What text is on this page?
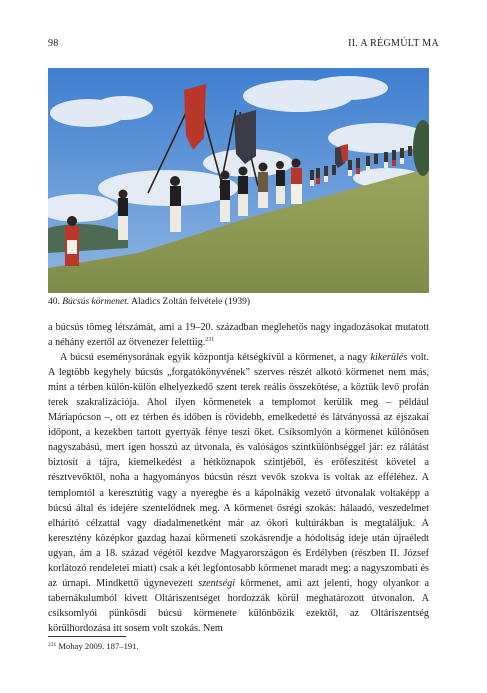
98	II. A RÉGMÚLT MA
40. Búcsús körmenet. Aladics Zoltán felvétele (1939)

a búcsús tömeg létszámát, ami a 19–20. században meglehetős nagy ingadozásokat mutatott a néhány ezertől az ötvenezer felettiig.$^{231}$

A búcsú eseménysorának egyik központja kétségkívül a körmenet, a nagy kikerülés volt. A legtöbb kegyhely búcsús „forgatókönyvének” szerves részét alkotó körmenet nem más, mint a térben külön-külön elhelyezkedő szent terek reális összekötése, a köztük levő profán terek szakralizációja. Ahol ilyen körmenetek a templomot kerülik meg – például Máriapócson –, ott ez térben és időben is rövidebb, emelkedetté és látványossá az éjszakai időpont, a kezekben tartott gyertyák fénye teszi őket. Csíksomlyón a körmenet különösen nagyszabású, mert igen hosszú az útvonala, és valóságos szintkülönbséggel jár: ez rálátást biztosít a tájra, kiemelkedést a hétköznapok szintjéből, és erőfeszítést követel a résztvevőktől, noha a hagyományos búcsún részt vevők szokva is voltak az efféléhez. A templomtól a keresztútig vagy a nyeregbe és a kápolnákig vezető útvonalak voltaképp a búcsú által és idejére szentelődnek meg. A körmenet ősrégi szokás: hálaadó, veszedelmet elhárító célzattal vagy diadalmenetként már az ókori kultúrákban is megtaláljuk. A keresztény középkor gazdag hazai körmeneti szokásrendje a hódoltság ideje után újraéledt ugyan, ám a 18. század végétől kezdve Magyarországon és Erdélyben (részben II. József korlátozó rendeletei miatt) csak a két legfontosabb körmenet maradt meg: a nagyszombati és az úrnapi. Mindkettő úgynevezett szentségi körmenet, ami azt jelenti, hogy olyankor a tabernákulumból kivett Oltáriszentséget hordozzák körül meghatározott útvonalon. A csíksomlyói pünkösdi búcsú körmenete különbözik ezektől, az Oltáriszentség körülhordozása itt sosem volt szokás. Nem

$^{231}$ Mohay 2009. 187–191.
